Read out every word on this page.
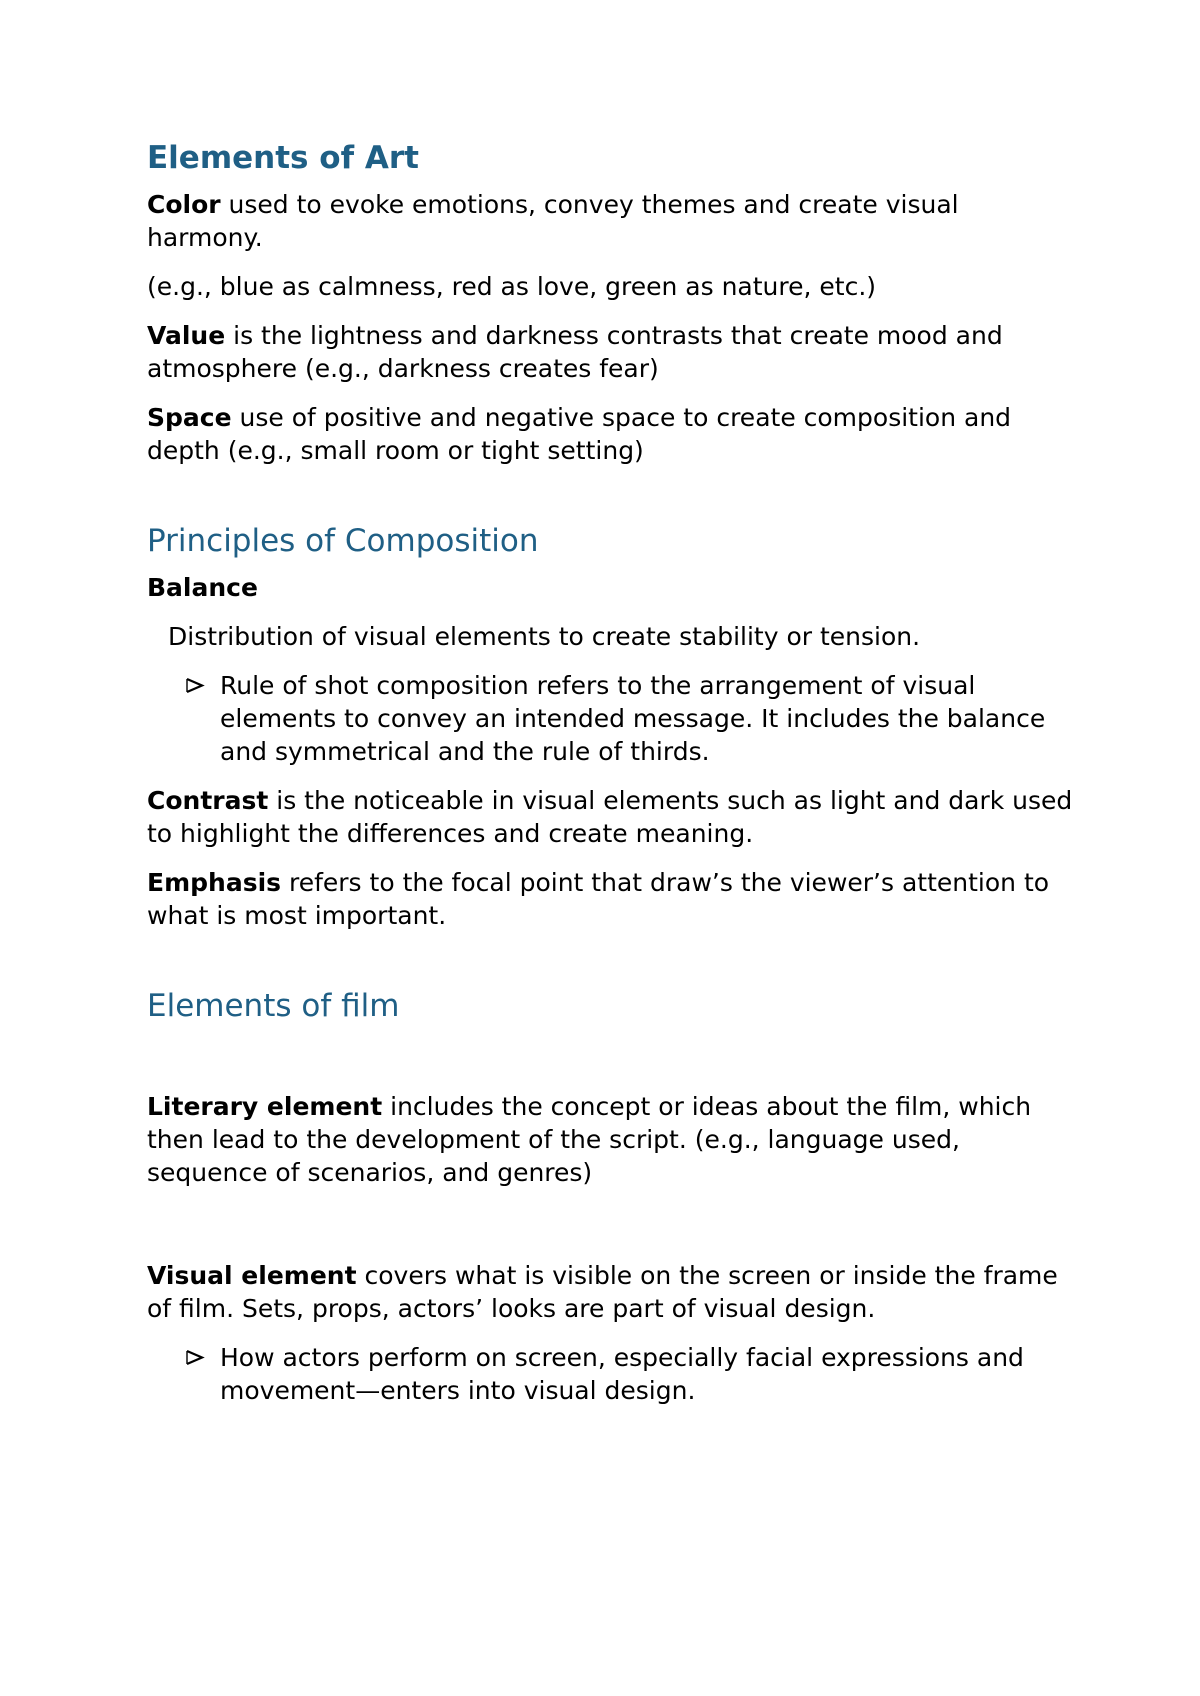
Elements of Art

Color used to evoke emotions, convey themes and create visual harmony.

(e.g., blue as calmness, red as love, green as nature, etc.)

Value is the lightness and darkness contrasts that create mood and atmosphere (e.g., darkness creates fear)

Space use of positive and negative space to create composition and depth (e.g., small room or tight setting)

Principles of Composition

Balance

Distribution of visual elements to create stability or tension.

Rule of shot composition refers to the arrangement of visual elements to convey an intended message. It includes the balance and symmetrical and the rule of thirds.

Contrast is the noticeable in visual elements such as light and dark used to highlight the differences and create meaning.

Emphasis refers to the focal point that draw’s the viewer’s attention to what is most important.

Elements of film

Literary element includes the concept or ideas about the film, which then lead to the development of the script. (e.g., language used, sequence of scenarios, and genres)

Visual element covers what is visible on the screen or inside the frame of film. Sets, props, actors’ looks are part of visual design.

How actors perform on screen, especially facial expressions and movement—enters into visual design.
